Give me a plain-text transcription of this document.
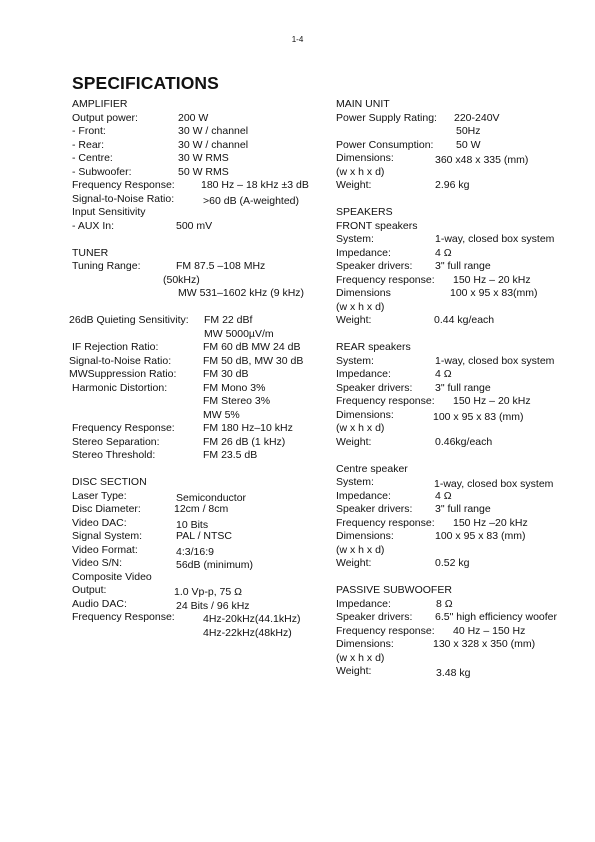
1-4
SPECIFICATIONS
AMPLIFIER
Output power:	200 W
- Front:	30 W / channel
- Rear:	30 W / channel
- Centre:	30 W RMS
- Subwoofer:	50 W RMS
Frequency Response:	180 Hz – 18 kHz ±3 dB
Signal-to-Noise Ratio:	>60 dB (A-weighted)
Input Sensitivity
- AUX In:	500 mV
TUNER
Tuning Range:	FM 87.5 –108 MHz
(50kHz)
MW 531–1602 kHz (9 kHz)
26dB Quieting Sensitivity: FM 22 dBf
MW 5000µV/m
IF Rejection Ratio:	FM 60 dB MW 24 dB
Signal-to-Noise Ratio:	FM 50 dB, MW 30 dB
MWSuppression Ratio:	FM 30 dB
Harmonic Distortion:	FM Mono 3%
FM Stereo 3%
MW 5%
Frequency Response:	FM 180 Hz–10 kHz
Stereo Separation:	FM 26 dB (1 kHz)
Stereo Threshold:	FM 23.5 dB
DISC SECTION
Laser Type:	Semiconductor
Disc Diameter:	12cm / 8cm
Video DAC:	10 Bits
Signal System:	PAL / NTSC
Video Format:	4:3/16:9
Video S/N:	56dB (minimum)
Composite Video
Output:	1.0 Vp-p, 75 Ω
Audio DAC:	24 Bits / 96 kHz
Frequency Response:	4Hz-20kHz(44.1kHz)
4Hz-22kHz(48kHz)
MAIN UNIT
Power Supply Rating: 220-240V
50Hz
Power Consumption: 50 W
Dimensions:	360 x48 x 335 (mm)
(w x h x d)
Weight:	2.96 kg
SPEAKERS
FRONT speakers
System:	1-way, closed box system
Impedance:	4 Ω
Speaker drivers: 3" full range
Frequency response: 150 Hz – 20 kHz
Dimensions	100 x 95 x 83(mm)
(w x h x d)
Weight:	0.44 kg/each
REAR speakers
System:	1-way, closed box system
Impedance:	4 Ω
Speaker drivers: 3" full range
Frequency response: 150 Hz – 20 kHz
Dimensions:	100 x 95 x 83 (mm)
(w x h x d)
Weight:	0.46kg/each
Centre speaker
System:	1-way, closed box system
Impedance:	4 Ω
Speaker drivers: 3" full range
Frequency response: 150 Hz –20 kHz
Dimensions:	100 x 95 x 83 (mm)
(w x h x d)
Weight:	0.52 kg
PASSIVE SUBWOOFER
Impedance:	8 Ω
Speaker drivers: 6.5" high efficiency woofer
Frequency response: 40 Hz – 150 Hz
Dimensions:	130 x 328 x 350 (mm)
(w x h x d)
Weight:	3.48 kg
